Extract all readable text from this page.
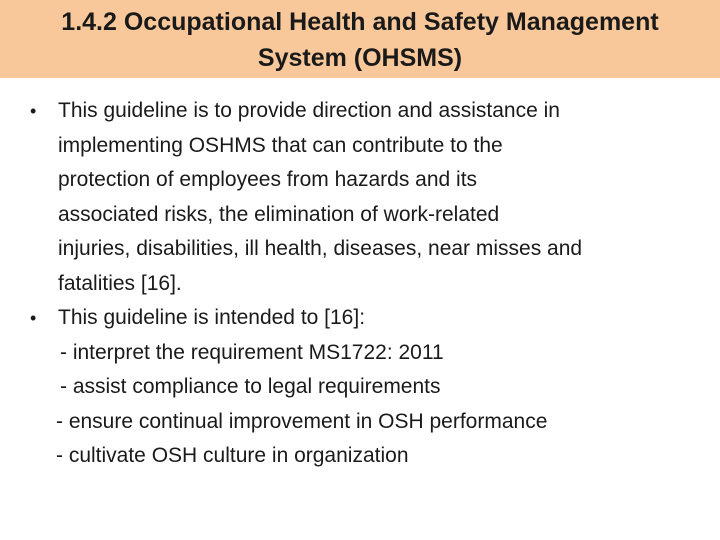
1.4.2 Occupational Health and Safety Management
System (OHSMS)
• This guideline is to provide direction and assistance in
implementing OSHMS that can contribute to the
protection of employees from hazards and its
associated risks, the elimination of work-related
injuries, disabilities, ill health, diseases, near misses and
fatalities [16].
• This guideline is intended to [16]:
- interpret the requirement MS1722: 2011
- assist compliance to legal requirements
- ensure continual improvement in OSH performance
- cultivate OSH culture in organization
